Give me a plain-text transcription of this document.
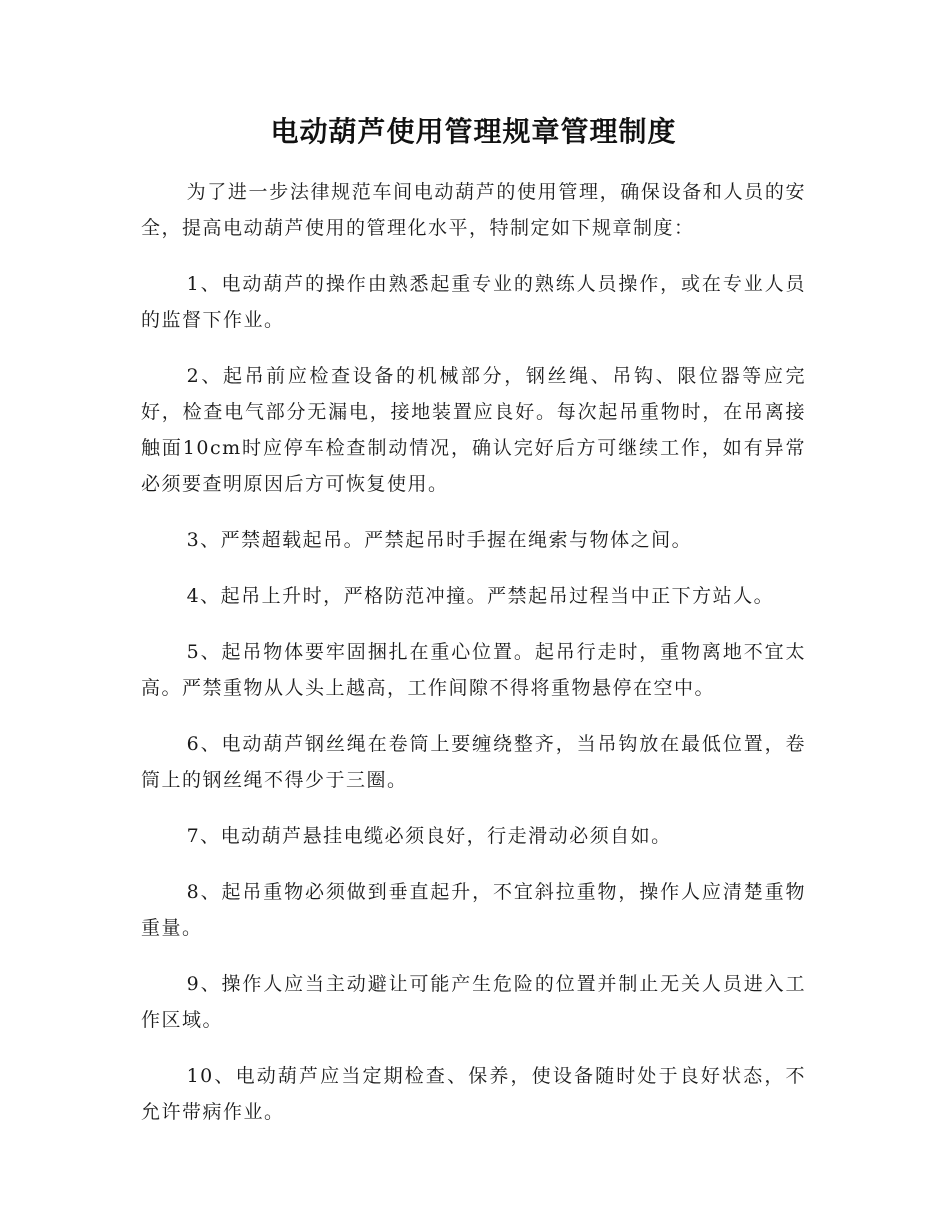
电动葫芦使用管理规章管理制度

为了进一步法律规范车间电动葫芦的使用管理，确保设备和人员的安全，提高电动葫芦使用的管理化水平，特制定如下规章制度：

1、电动葫芦的操作由熟悉起重专业的熟练人员操作，或在专业人员的监督下作业。

2、起吊前应检查设备的机械部分，钢丝绳、吊钩、限位器等应完好，检查电气部分无漏电，接地装置应良好。每次起吊重物时，在吊离接触面10cm时应停车检查制动情况，确认完好后方可继续工作，如有异常必须要查明原因后方可恢复使用。

3、严禁超载起吊。严禁起吊时手握在绳索与物体之间。

4、起吊上升时，严格防范冲撞。严禁起吊过程当中正下方站人。

5、起吊物体要牢固捆扎在重心位置。起吊行走时，重物离地不宜太高。严禁重物从人头上越高，工作间隙不得将重物悬停在空中。

6、电动葫芦钢丝绳在卷筒上要缠绕整齐，当吊钩放在最低位置，卷筒上的钢丝绳不得少于三圈。

7、电动葫芦悬挂电缆必须良好，行走滑动必须自如。

8、起吊重物必须做到垂直起升，不宜斜拉重物，操作人应清楚重物重量。

9、操作人应当主动避让可能产生危险的位置并制止无关人员进入工作区域。

10、电动葫芦应当定期检查、保养，使设备随时处于良好状态，不允许带病作业。
